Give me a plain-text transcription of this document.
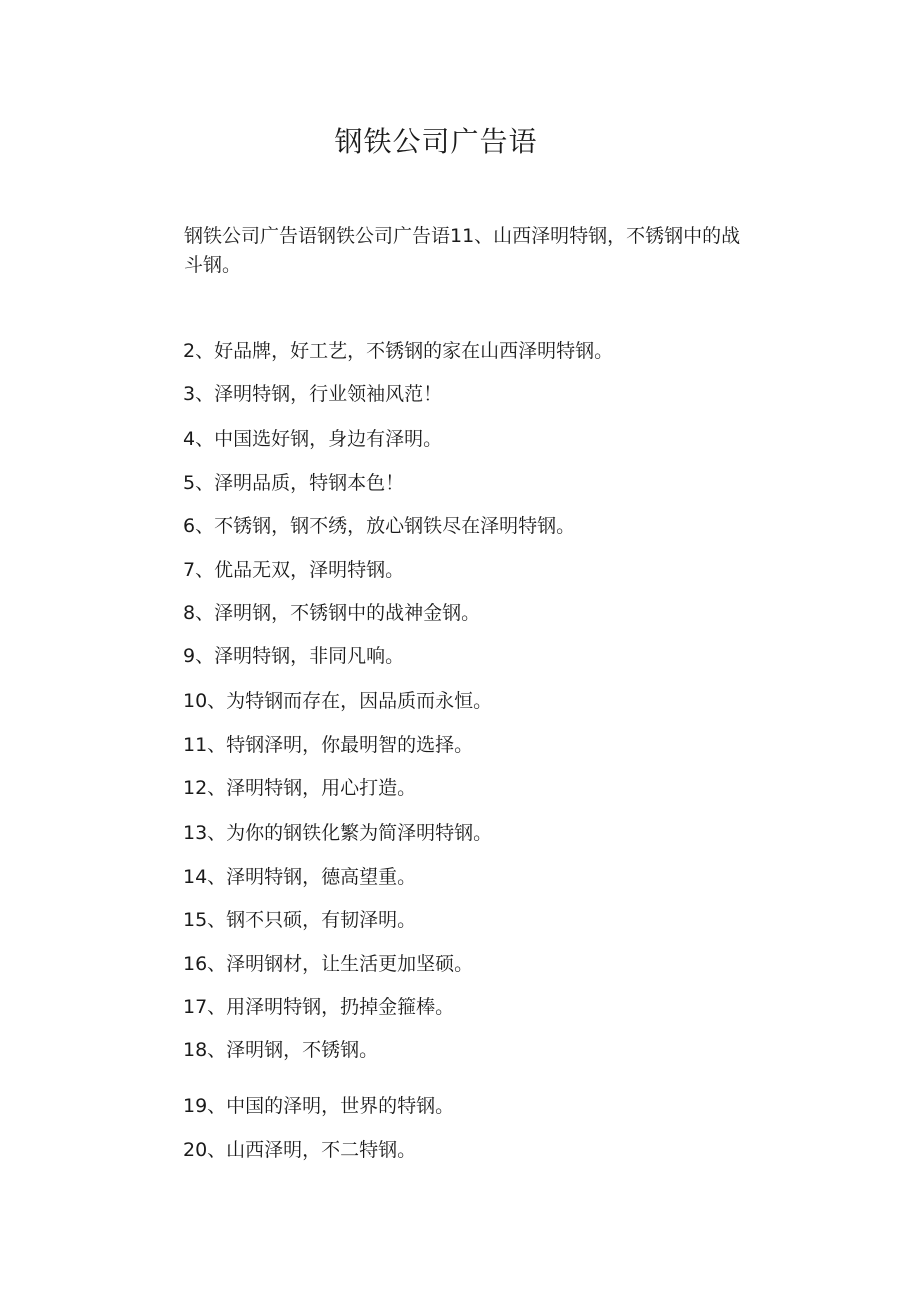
钢铁公司广告语
钢铁公司广告语钢铁公司广告语11、山西泽明特钢，不锈钢中的战斗钢。
2、好品牌，好工艺，不锈钢的家在山西泽明特钢。
3、泽明特钢，行业领袖风范！
4、中国选好钢，身边有泽明。
5、泽明品质，特钢本色！
6、不锈钢，钢不绣，放心钢铁尽在泽明特钢。
7、优品无双，泽明特钢。
8、泽明钢，不锈钢中的战神金钢。
9、泽明特钢，非同凡响。
10、为特钢而存在，因品质而永恒。
11、特钢泽明，你最明智的选择。
12、泽明特钢，用心打造。
13、为你的钢铁化繁为简泽明特钢。
14、泽明特钢，德高望重。
15、钢不只硕，有韧泽明。
16、泽明钢材，让生活更加坚硕。
17、用泽明特钢，扔掉金箍棒。
18、泽明钢，不锈钢。
19、中国的泽明，世界的特钢。
20、山西泽明，不二特钢。
